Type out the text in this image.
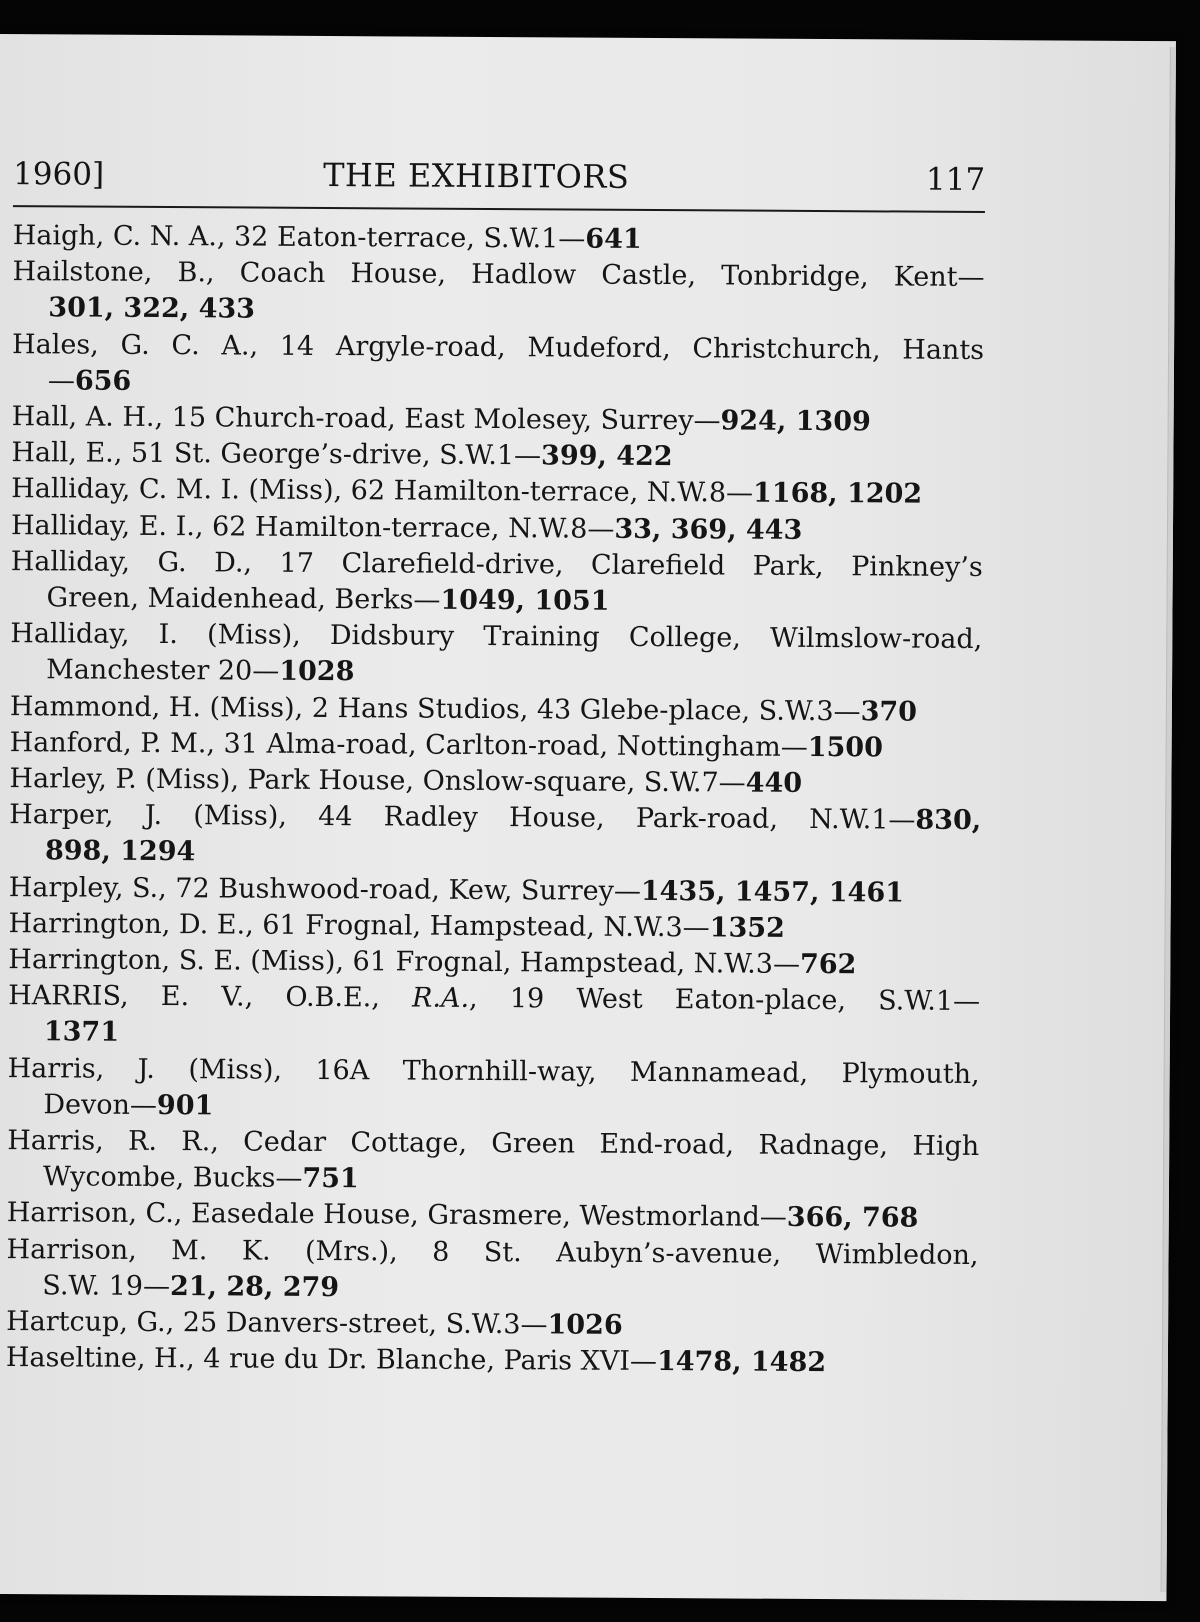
1960]	THE EXHIBITORS	117
Haigh, C. N. A., 32 Eaton-terrace, S.W.1—641
Hailstone, B., Coach House, Hadlow Castle, Tonbridge, Kent—
301, 322, 433
Hales, G. C. A., 14 Argyle-road, Mudeford, Christchurch, Hants
—656
Hall, A. H., 15 Church-road, East Molesey, Surrey—924, 1309
Hall, E., 51 St. George’s-drive, S.W.1—399, 422
Halliday, C. M. I. (Miss), 62 Hamilton-terrace, N.W.8—1168, 1202
Halliday, E. I., 62 Hamilton-terrace, N.W.8—33, 369, 443
Halliday, G. D., 17 Clarefield-drive, Clarefield Park, Pinkney’s
Green, Maidenhead, Berks—1049, 1051
Halliday, I. (Miss), Didsbury Training College, Wilmslow-road,
Manchester 20—1028
Hammond, H. (Miss), 2 Hans Studios, 43 Glebe-place, S.W.3—370
Hanford, P. M., 31 Alma-road, Carlton-road, Nottingham—1500
Harley, P. (Miss), Park House, Onslow-square, S.W.7—440
Harper, J. (Miss), 44 Radley House, Park-road, N.W.1—830,
898, 1294
Harpley, S., 72 Bushwood-road, Kew, Surrey—1435, 1457, 1461
Harrington, D. E., 61 Frognal, Hampstead, N.W.3—1352
Harrington, S. E. (Miss), 61 Frognal, Hampstead, N.W.3—762
HARRIS, E. V., O.B.E., R.A., 19 West Eaton-place, S.W.1—
1371
Harris, J. (Miss), 16A Thornhill-way, Mannamead, Plymouth,
Devon—901
Harris, R. R., Cedar Cottage, Green End-road, Radnage, High
Wycombe, Bucks—751
Harrison, C., Easedale House, Grasmere, Westmorland—366, 768
Harrison, M. K. (Mrs.), 8 St. Aubyn’s-avenue, Wimbledon,
S.W. 19—21, 28, 279
Hartcup, G., 25 Danvers-street, S.W.3—1026
Haseltine, H., 4 rue du Dr. Blanche, Paris XVI—1478, 1482
